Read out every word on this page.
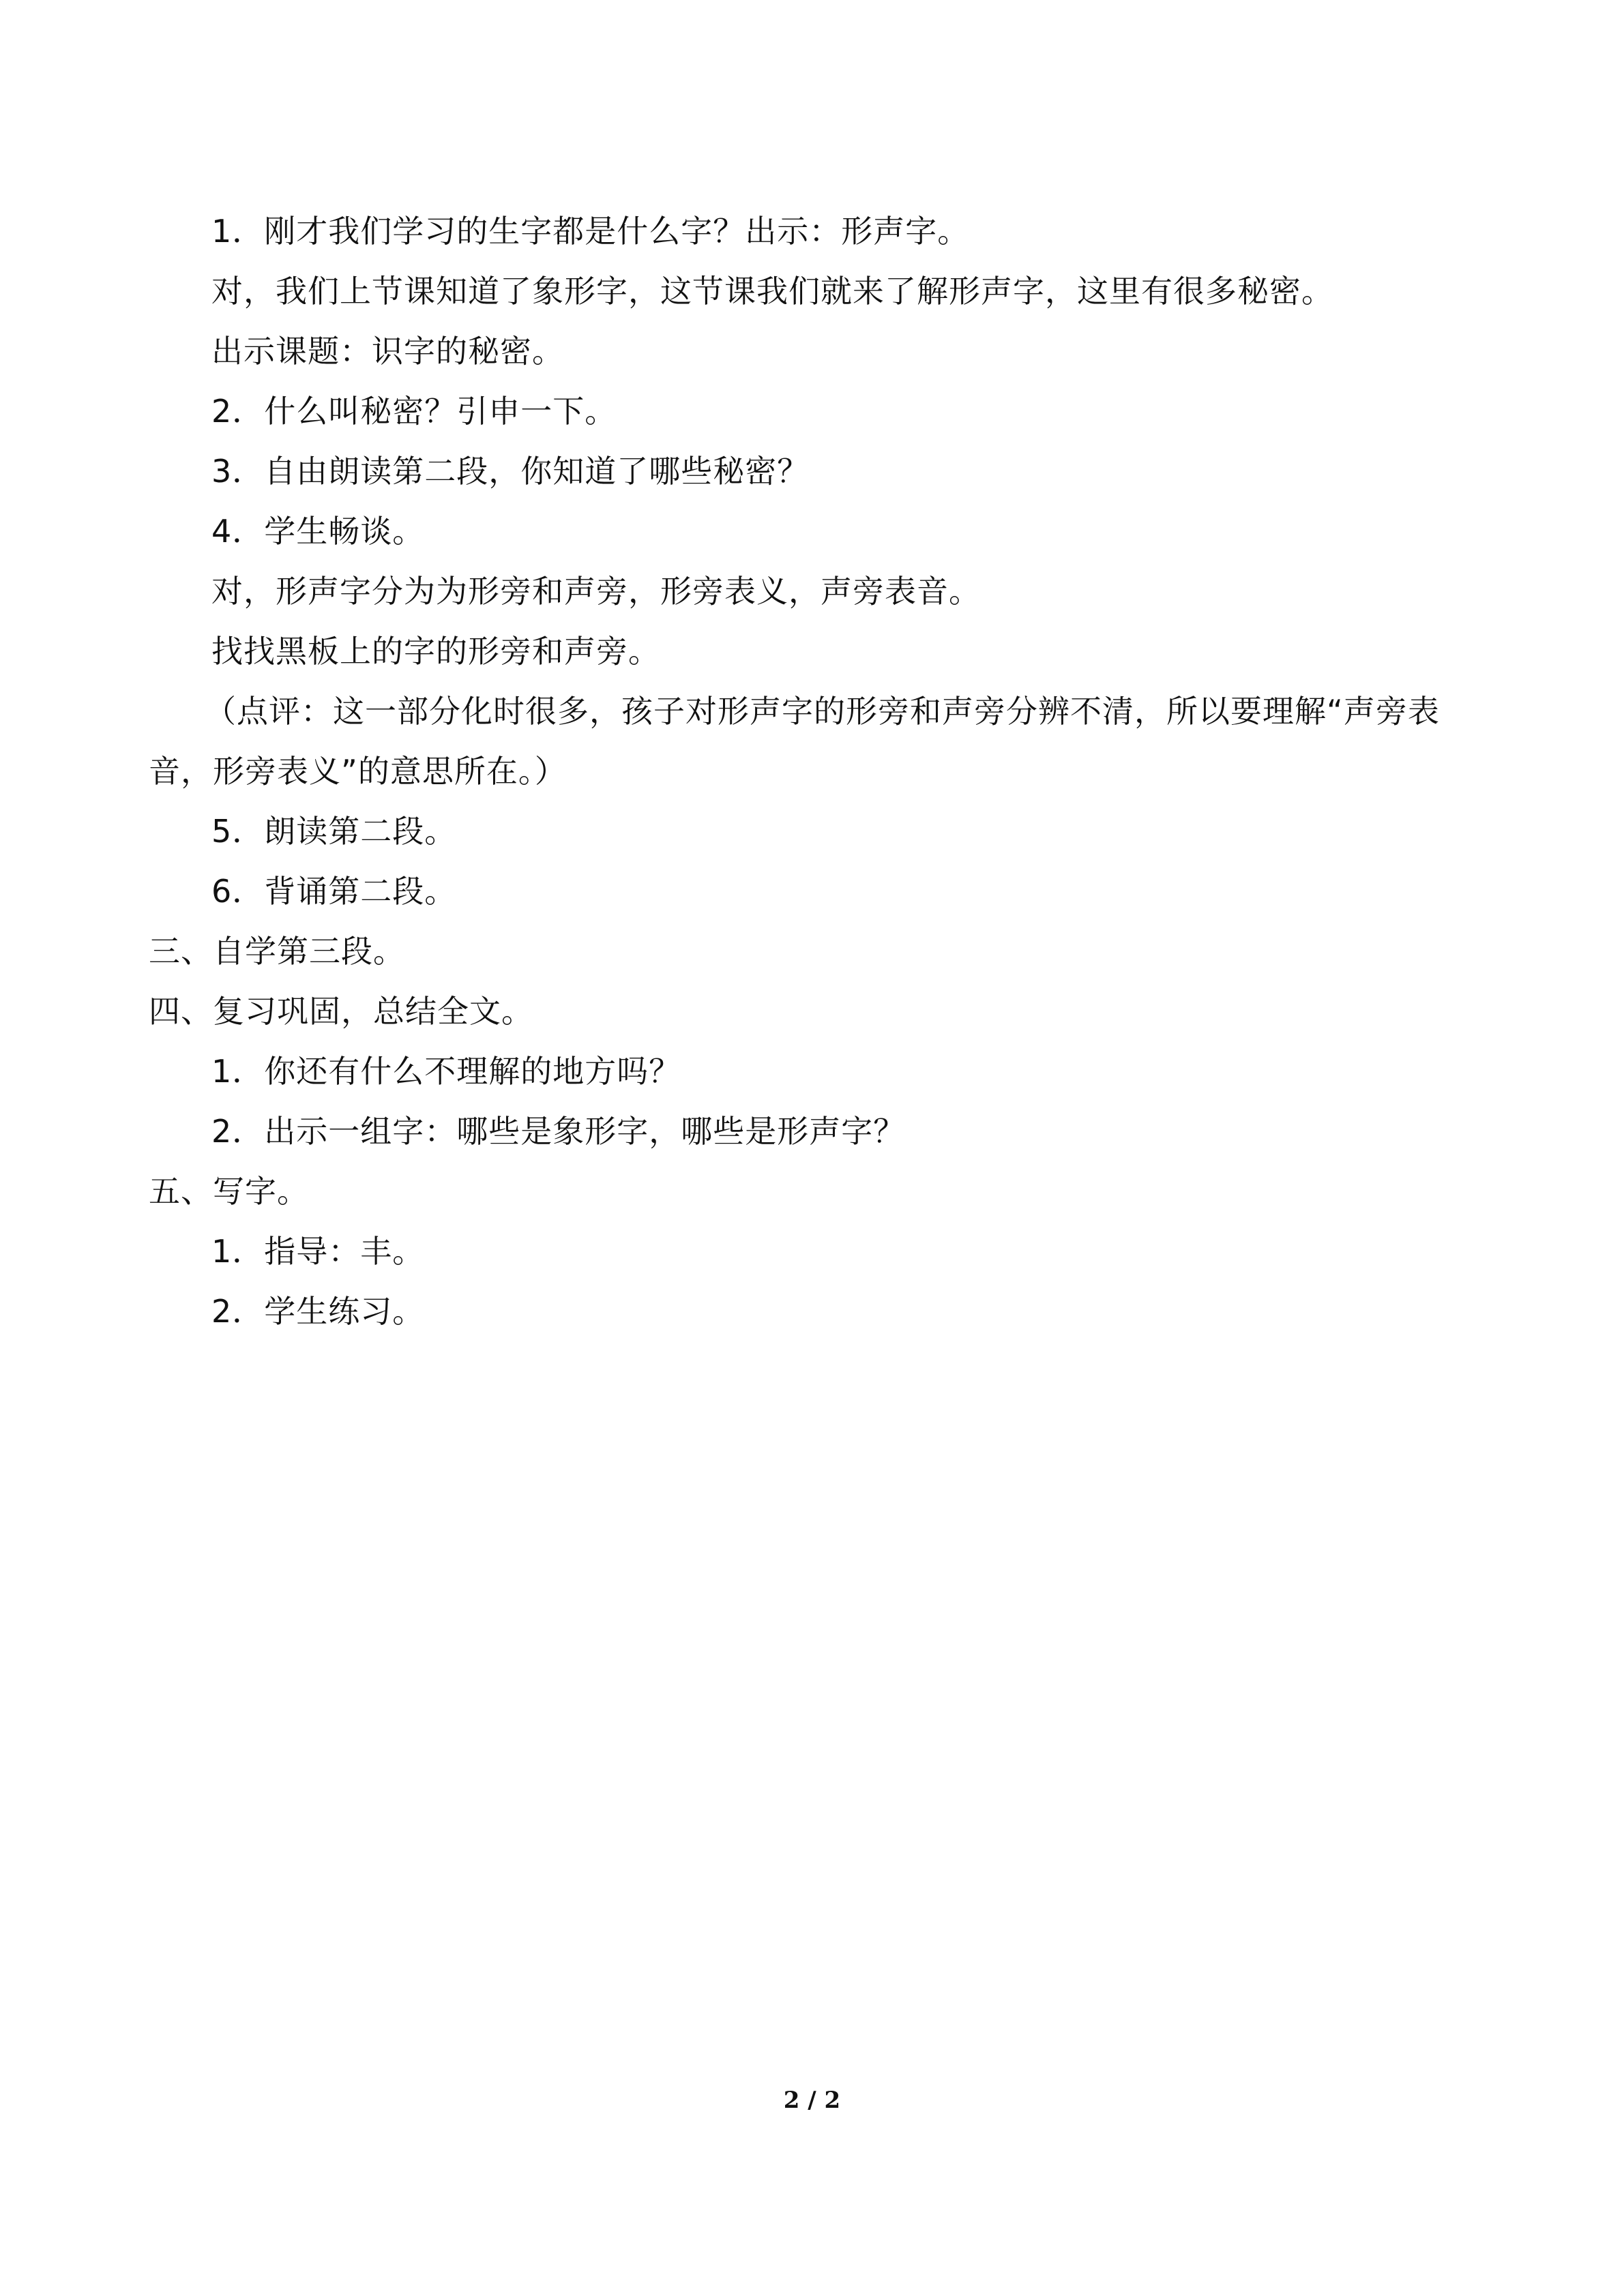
1．刚才我们学习的生字都是什么字？出示：形声字。
对，我们上节课知道了象形字，这节课我们就来了解形声字，这里有很多秘密。
出示课题：识字的秘密。
2．什么叫秘密？引申一下。
3．自由朗读第二段，你知道了哪些秘密？
4．学生畅谈。
对，形声字分为为形旁和声旁，形旁表义，声旁表音。
找找黑板上的字的形旁和声旁。
（点评：这一部分化时很多，孩子对形声字的形旁和声旁分辨不清，所以要理解“声旁表音，形旁表义”的意思所在。）
5．朗读第二段。
6．背诵第二段。
三、自学第三段。
四、复习巩固，总结全文。
1．你还有什么不理解的地方吗？
2．出示一组字：哪些是象形字，哪些是形声字？
五、写字。
1．指导：丰。
2．学生练习。
2 / 2
